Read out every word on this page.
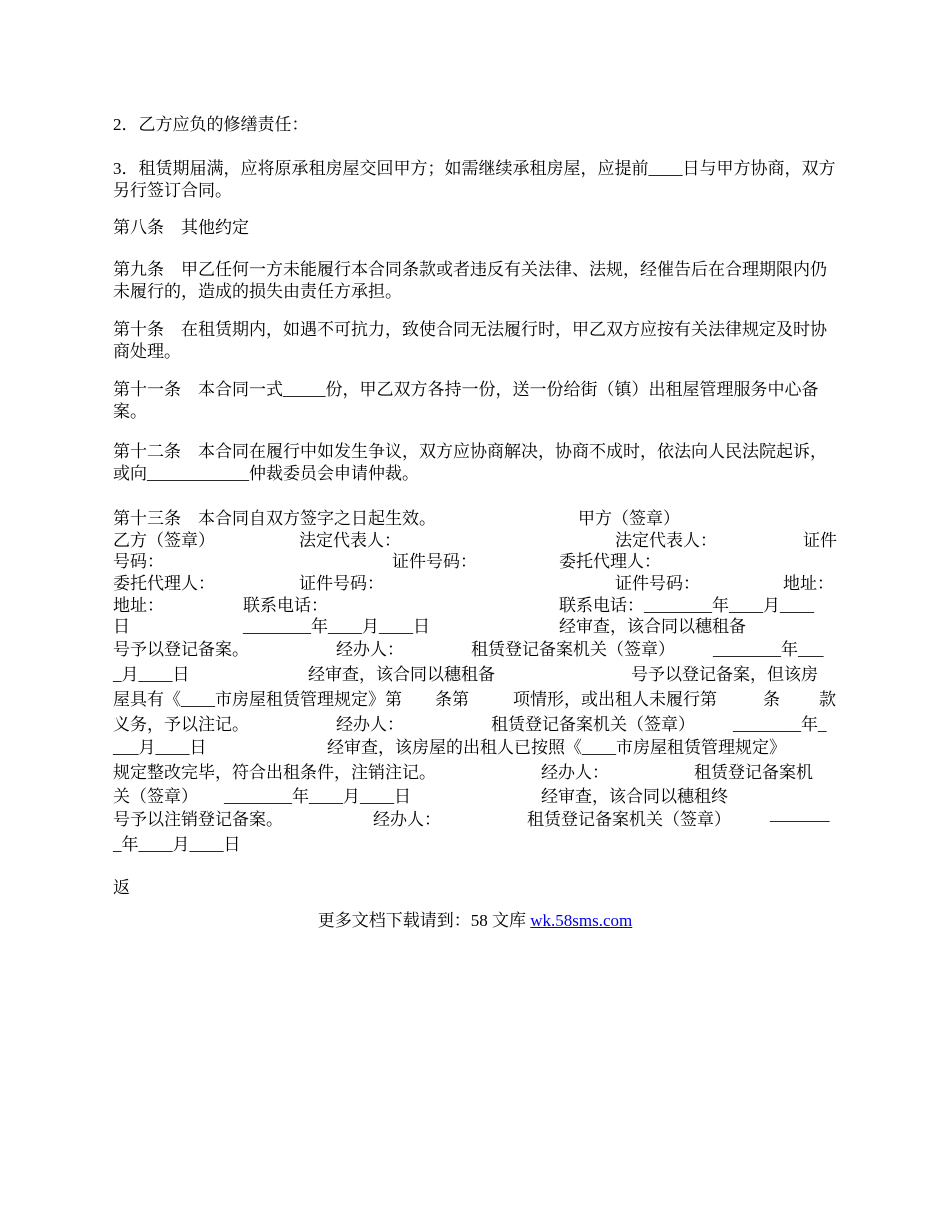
2．乙方应负的修缮责任：
3．租赁期届满，应将原承租房屋交回甲方；如需继续承租房屋，应提前____日与甲方协商，双方另行签订合同。
第八条　其他约定
第九条　甲乙任何一方未能履行本合同条款或者违反有关法律、法规，经催告后在合理期限内仍未履行的，造成的损失由责任方承担。
第十条　在租赁期内，如遇不可抗力，致使合同无法履行时，甲乙双方应按有关法律规定及时协商处理。
第十一条　本合同一式_____份，甲乙双方各持一份，送一份给街（镇）出租屋管理服务中心备案。
第十二条　本合同在履行中如发生争议，双方应协商解决，协商不成时，依法向人民法院起诉，或向____________仲裁委员会申请仲裁。
第十三条　本合同自双方签字之日起生效。	甲方（签章）
乙方（签章）	法定代表人：	法定代表人：	证件
号码：	证件号码：	委托代理人：
委托代理人：	证件号码：	证件号码：	地址：
地址：	联系电话：	联系电话：________年____月____
日	________年____月____日	经审查，该合同以穗租备
号予以登记备案。	经办人：	租赁登记备案机关（签章） ________年___
_月____日	经审查，该合同以穗租备	号予以登记备案，但该房
屋具有《____市房屋租赁管理规定》第 条第	项情形，或出租人未履行第	条 款
义务，予以注记。	经办人：	租赁登记备案机关（签章） ________年_
___月____日	经审查，该房屋的出租人已按照《____市房屋租赁管理规定》
规定整改完毕，符合出租条件，注销注记。	经办人：	租赁登记备案机
关（签章） ________年____月____日	经审查，该合同以穗租终
号予以注销登记备案。	经办人：	租赁登记备案机关（签章） _______
_年____月____日
返
更多文档下载请到：58 文库 wk.58sms.com
